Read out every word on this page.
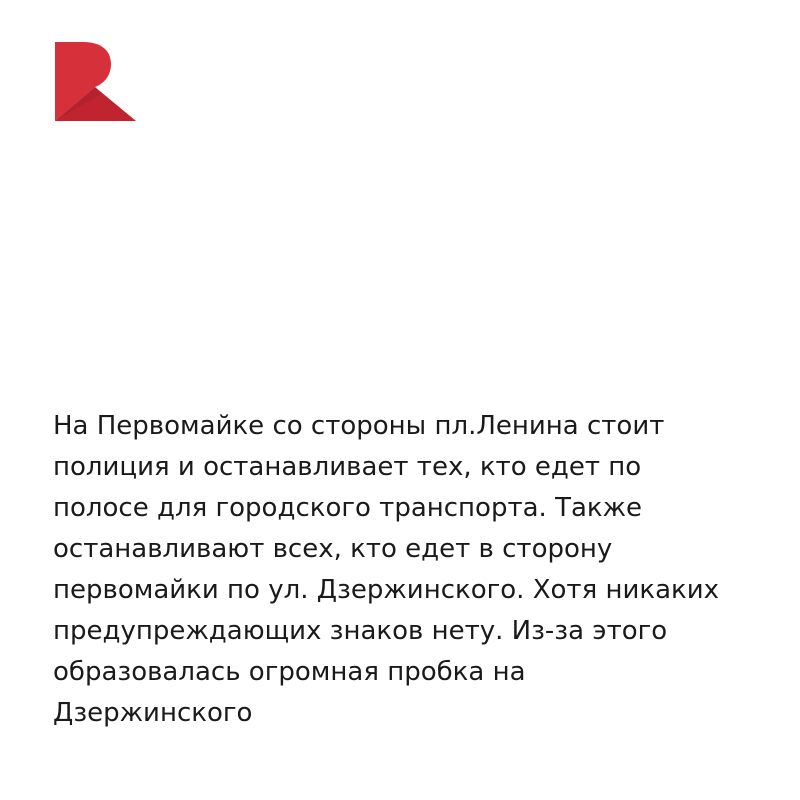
На Первомайке со стороны пл.Ленина стоит
полиция и останавливает тех, кто едет по
полосе для городского транспорта. Также
останавливают всех, кто едет в сторону
первомайки по ул. Дзержинского. Хотя никаких
предупреждающих знаков нету. Из-за этого
образовалась огромная пробка на
Дзержинского
